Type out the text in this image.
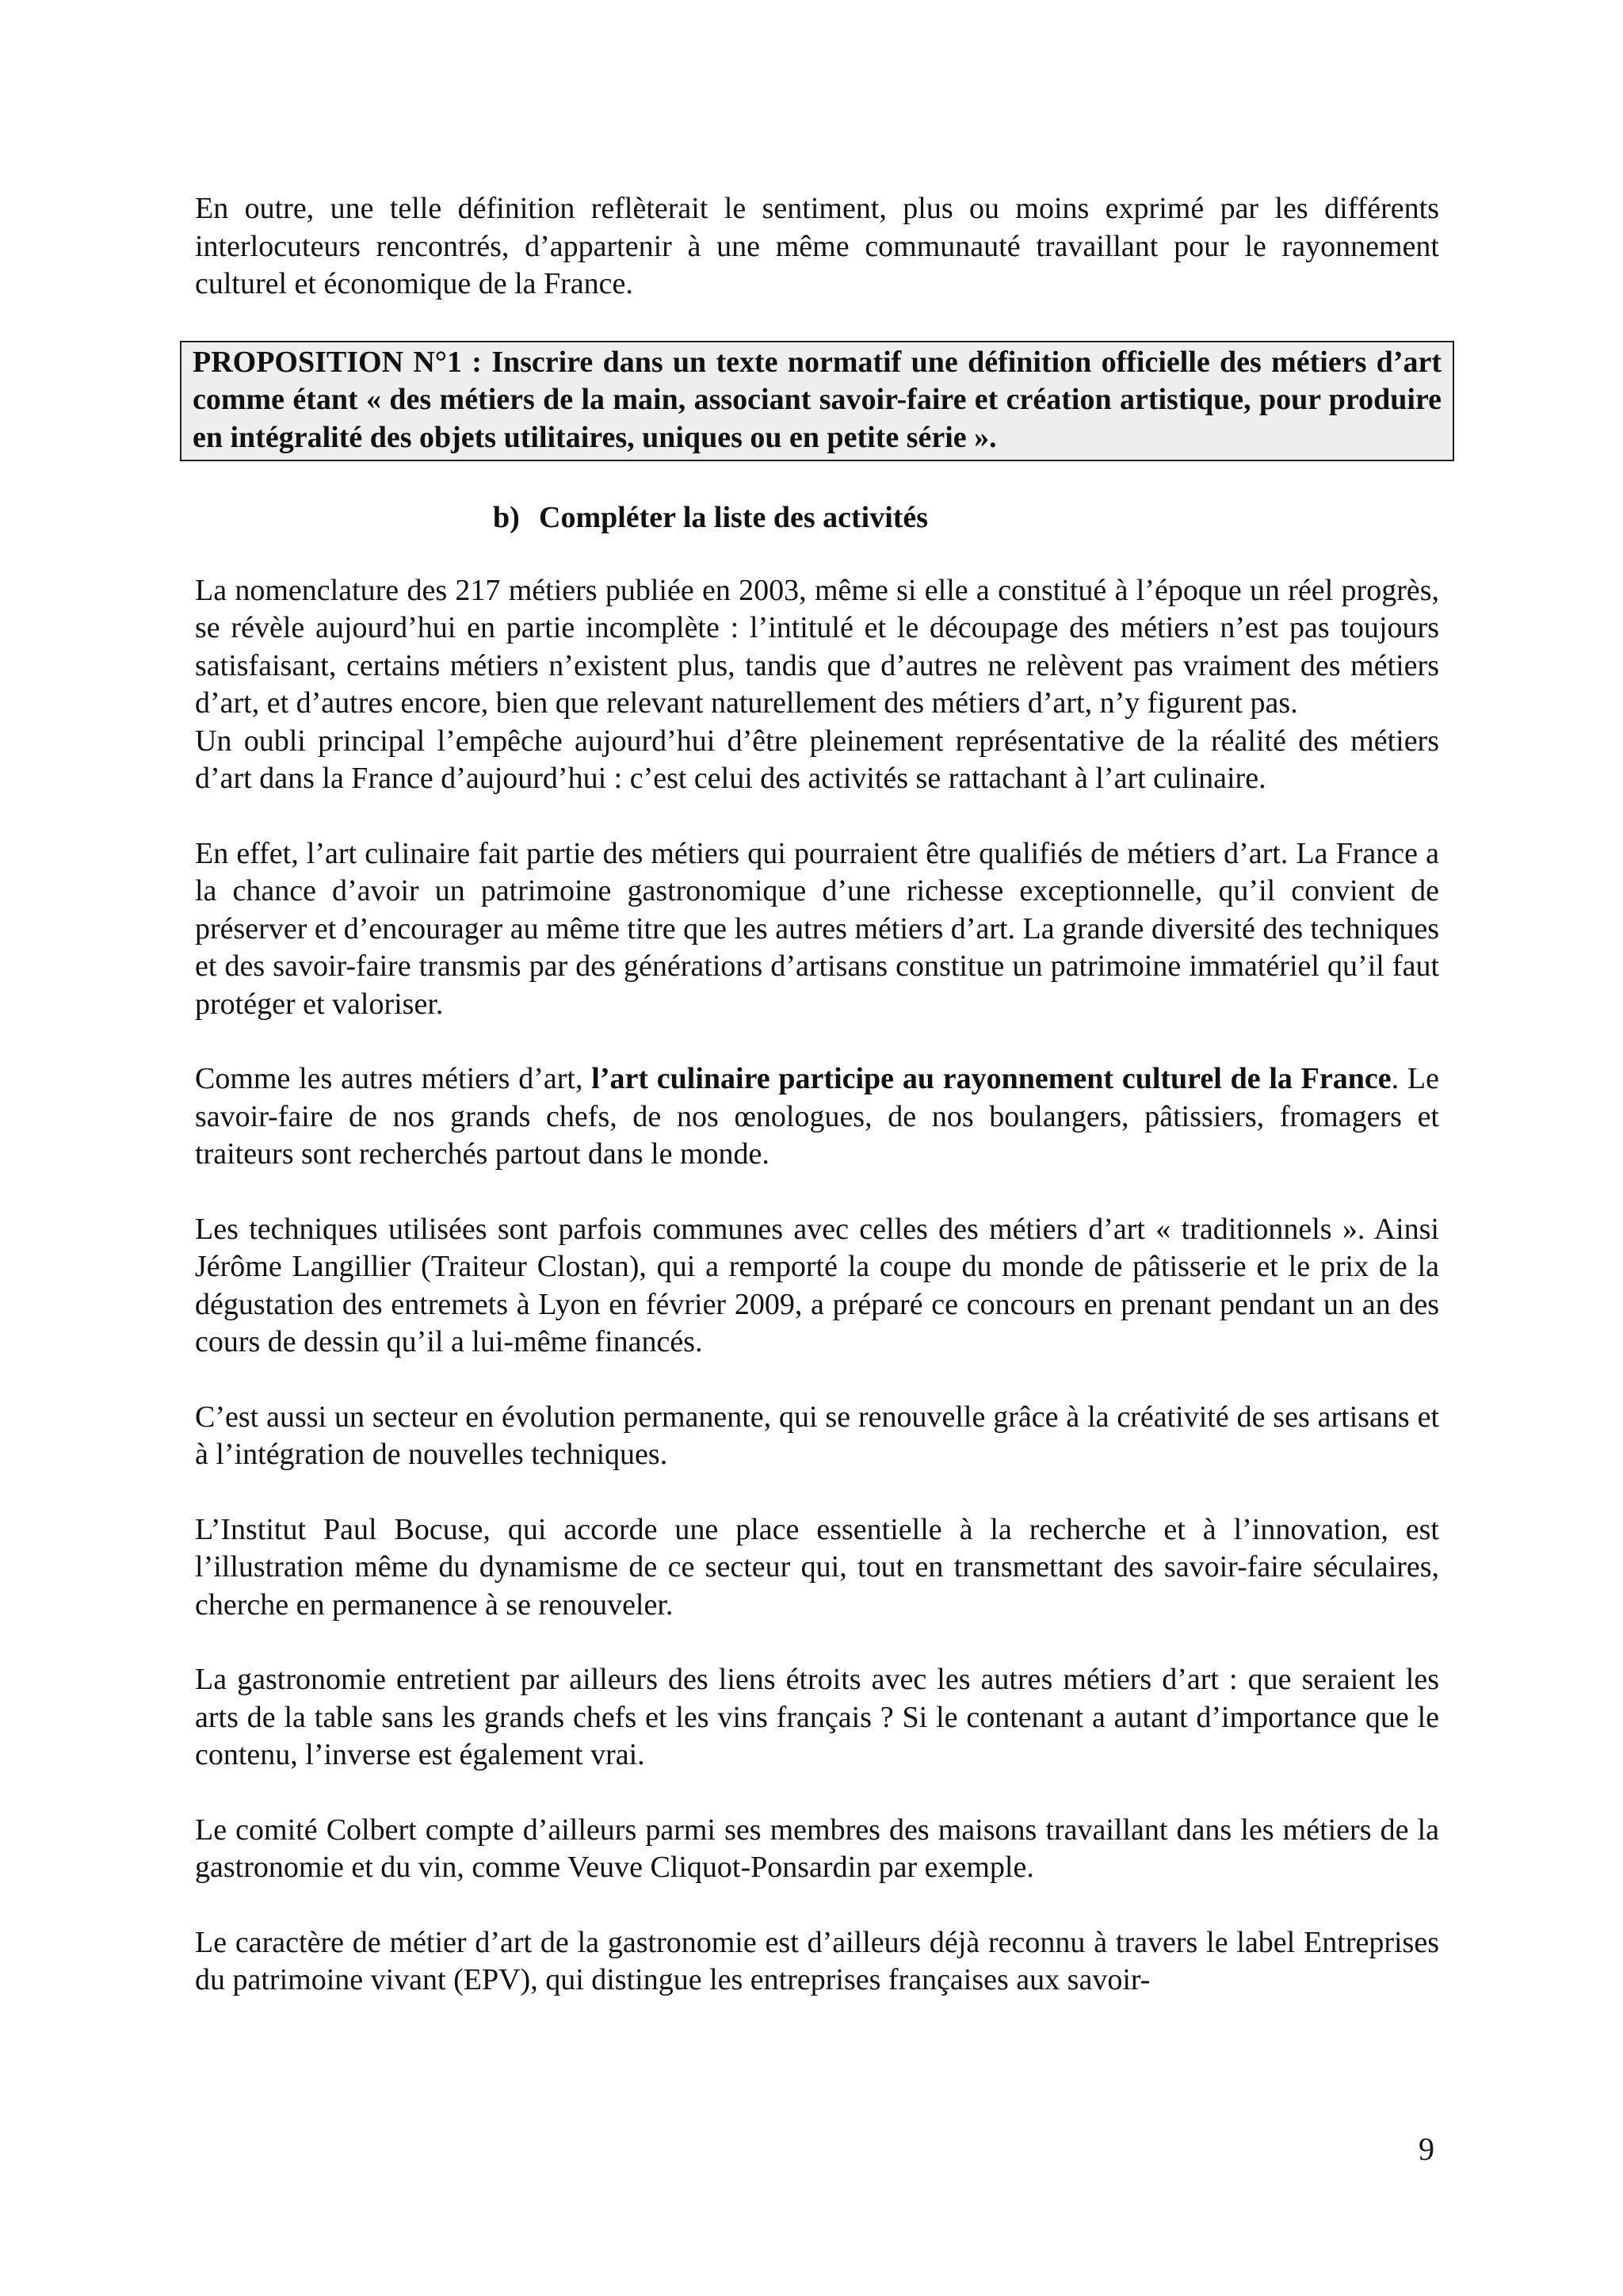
En outre, une telle définition reflèterait le sentiment, plus ou moins exprimé par les différents interlocuteurs rencontrés, d’appartenir à une même communauté travaillant pour le rayonnement culturel et économique de la France.

PROPOSITION N°1 : Inscrire dans un texte normatif une définition officielle des métiers d’art comme étant « des métiers de la main, associant savoir-faire et création artistique, pour produire en intégralité des objets utilitaires, uniques ou en petite série ».
b) Compléter la liste des activités

La nomenclature des 217 métiers publiée en 2003, même si elle a constitué à l’époque un réel progrès, se révèle aujourd’hui en partie incomplète : l’intitulé et le découpage des métiers n’est pas toujours satisfaisant, certains métiers n’existent plus, tandis que d’autres ne relèvent pas vraiment des métiers d’art, et d’autres encore, bien que relevant naturellement des métiers d’art, n’y figurent pas.

Un oubli principal l’empêche aujourd’hui d’être pleinement représentative de la réalité des métiers d’art dans la France d’aujourd’hui : c’est celui des activités se rattachant à l’art culinaire.

En effet, l’art culinaire fait partie des métiers qui pourraient être qualifiés de métiers d’art. La France a la chance d’avoir un patrimoine gastronomique d’une richesse exceptionnelle, qu’il convient de préserver et d’encourager au même titre que les autres métiers d’art. La grande diversité des techniques et des savoir-faire transmis par des générations d’artisans constitue un patrimoine immatériel qu’il faut protéger et valoriser.

Comme les autres métiers d’art, l’art culinaire participe au rayonnement culturel de la France. Le savoir-faire de nos grands chefs, de nos œnologues, de nos boulangers, pâtissiers, fromagers et traiteurs sont recherchés partout dans le monde.

Les techniques utilisées sont parfois communes avec celles des métiers d’art « traditionnels ». Ainsi Jérôme Langillier (Traiteur Clostan), qui a remporté la coupe du monde de pâtisserie et le prix de la dégustation des entremets à Lyon en février 2009, a préparé ce concours en prenant pendant un an des cours de dessin qu’il a lui-même financés.

C’est aussi un secteur en évolution permanente, qui se renouvelle grâce à la créativité de ses artisans et à l’intégration de nouvelles techniques.

L’Institut Paul Bocuse, qui accorde une place essentielle à la recherche et à l’innovation, est l’illustration même du dynamisme de ce secteur qui, tout en transmettant des savoir-faire séculaires, cherche en permanence à se renouveler.

La gastronomie entretient par ailleurs des liens étroits avec les autres métiers d’art : que seraient les arts de la table sans les grands chefs et les vins français ? Si le contenant a autant d’importance que le contenu, l’inverse est également vrai.

Le comité Colbert compte d’ailleurs parmi ses membres des maisons travaillant dans les métiers de la gastronomie et du vin, comme Veuve Cliquot-Ponsardin par exemple.

Le caractère de métier d’art de la gastronomie est d’ailleurs déjà reconnu à travers le label Entreprises du patrimoine vivant (EPV), qui distingue les entreprises françaises aux savoir-

9
